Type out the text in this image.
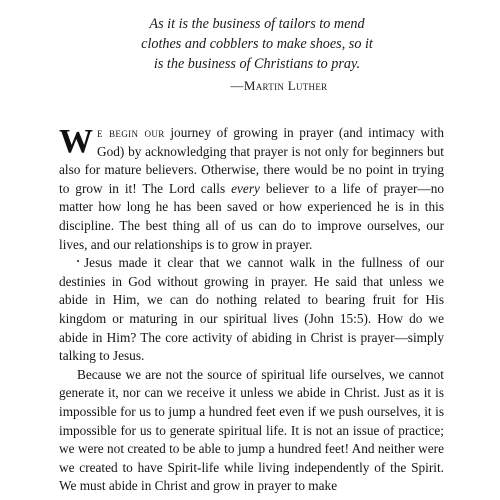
As it is the business of tailors to mend
clothes and cobblers to make shoes, so it
is the business of Christians to pray.
—Martin Luther

We begin our journey of growing in prayer (and intimacy with God) by acknowledging that prayer is not only for beginners but also for mature believers. Otherwise, there would be no point in trying to grow in it! The Lord calls every believer to a life of prayer—no matter how long he has been saved or how experienced he is in this discipline. The best thing all of us can do to improve ourselves, our lives, and our relationships is to grow in prayer.

Jesus made it clear that we cannot walk in the fullness of our destinies in God without growing in prayer. He said that unless we abide in Him, we can do nothing related to bearing fruit for His kingdom or maturing in our spiritual lives (John 15:5). How do we abide in Him? The core activity of abiding in Christ is prayer—simply talking to Jesus.

Because we are not the source of spiritual life ourselves, we cannot generate it, nor can we receive it unless we abide in Christ. Just as it is impossible for us to jump a hundred feet even if we push ourselves, it is impossible for us to generate spiritual life. It is not an issue of practice; we were not created to be able to jump a hundred feet! And neither were we created to have Spirit-life while living independently of the Spirit. We must abide in Christ and grow in prayer to make
